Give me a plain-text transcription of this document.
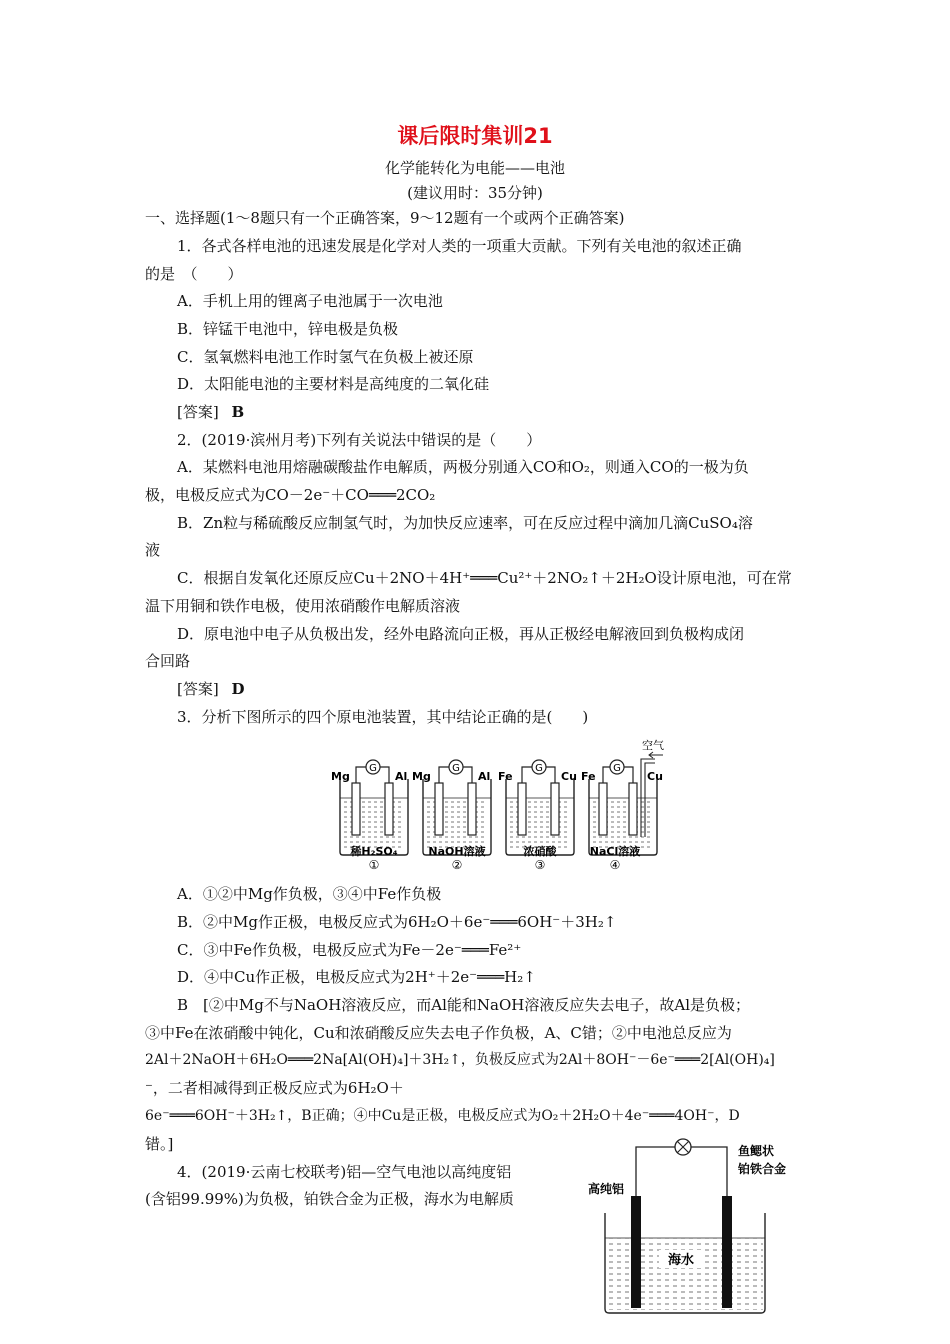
课后限时集训21
化学能转化为电能——电池
(建议用时：35分钟)
一、选择题(1～8题只有一个正确答案，9～12题有一个或两个正确答案)
1．各式各样电池的迅速发展是化学对人类的一项重大贡献。下列有关电池的叙述正确
的是　（　　）
A．手机上用的锂离子电池属于一次电池
B．锌锰干电池中，锌电极是负极
C．氢氧燃料电池工作时氢气在负极上被还原
D．太阳能电池的主要材料是高纯度的二氧化硅
[答案] B
2．(2019·滨州月考)下列有关说法中错误的是（　　）
A．某燃料电池用熔融碳酸盐作电解质，两极分别通入CO和O₂，则通入CO的一极为负
极，电极反应式为CO－2e⁻＋CO═══2CO₂
B．Zn粒与稀硫酸反应制氢气时，为加快反应速率，可在反应过程中滴加几滴CuSO₄溶
液
C．根据自发氧化还原反应Cu＋2NO＋4H⁺═══Cu²⁺＋2NO₂↑＋2H₂O设计原电池，可在常
温下用铜和铁作电极，使用浓硝酸作电解质溶液
D．原电池中电子从负极出发，经外电路流向正极，再从正极经电解液回到负极构成闭
合回路
[答案] D
3．分析下图所示的四个原电池装置，其中结论正确的是(　　)
G
Mg	Al
稀H₂SO₄
①
G
Mg	Al
NaOH溶液
②
G
Fe	Cu
浓硝酸
③
G
空气
Fe	Cu
NaCl溶液
④
A．①②中Mg作负极，③④中Fe作负极
B．②中Mg作正极，电极反应式为6H₂O＋6e⁻═══6OH⁻＋3H₂↑
C．③中Fe作负极，电极反应式为Fe－2e⁻═══Fe²⁺
D．④中Cu作正极，电极反应式为2H⁺＋2e⁻═══H₂↑
B　[②中Mg不与NaOH溶液反应，而Al能和NaOH溶液反应失去电子，故Al是负极；
③中Fe在浓硝酸中钝化，Cu和浓硝酸反应失去电子作负极，A、C错；②中电池总反应为
2Al＋2NaOH＋6H₂O═══2Na[Al(OH)₄]＋3H₂↑，负极反应式为2Al＋8OH⁻－6e⁻═══2[Al(OH)₄]
⁻，二者相减得到正极反应式为6H₂O＋
6e⁻═══6OH⁻＋3H₂↑，B正确；④中Cu是正极，电极反应式为O₂＋2H₂O＋4e⁻═══4OH⁻，D
错。]
4．(2019·云南七校联考)铝—空气电池以高纯度铝
(含铝99.99%)为负极，铂铁合金为正极，海水为电解质
高纯铝
鱼鳃状
铂铁合金
海水
